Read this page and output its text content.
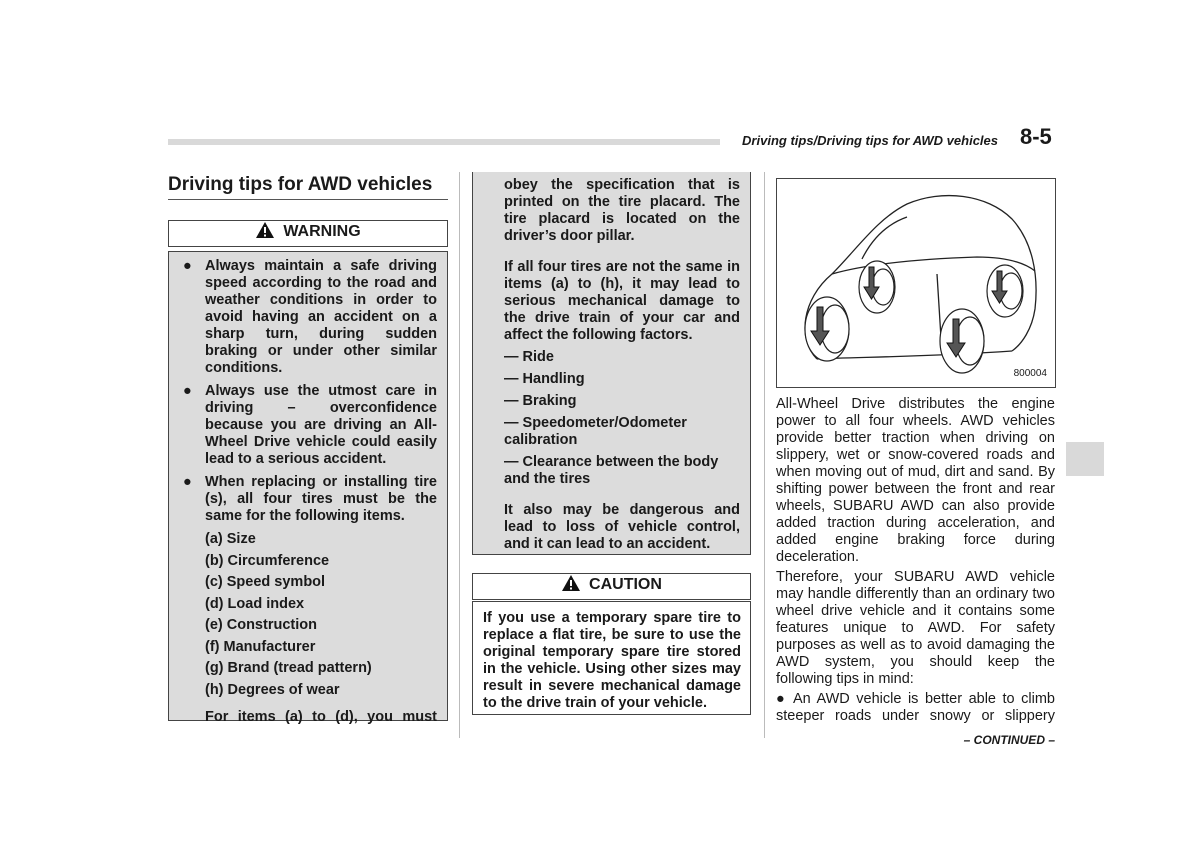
Driving tips/Driving tips for AWD vehicles 8-5
Driving tips for AWD vehicles
WARNING
● Always maintain a safe driving speed according to the road and weather conditions in order to avoid having an accident on a sharp turn, during sudden braking or under other similar conditions.
● Always use the utmost care in driving – overconfidence because you are driving an All-Wheel Drive vehicle could easily lead to a serious accident.
● When replacing or installing tire (s), all four tires must be the same for the following items.

(a) Size

(b) Circumference

(c) Speed symbol

(d) Load index

(e) Construction

(f) Manufacturer

(g) Brand (tread pattern)

(h) Degrees of wear

For items (a) to (d), you must

obey the specification that is printed on the tire placard. The tire placard is located on the driver’s door pillar.

If all four tires are not the same in items (a) to (h), it may lead to serious mechanical damage to the drive train of your car and affect the following factors.

— Ride

— Handling

— Braking

— Speedometer/Odometer calibration

— Clearance between the body and the tires

It also may be dangerous and lead to loss of vehicle control, and it can lead to an accident.

CAUTION

If you use a temporary spare tire to replace a flat tire, be sure to use the original temporary spare tire stored in the vehicle. Using other sizes may result in severe mechanical damage to the drive train of your vehicle.

800004

All-Wheel Drive distributes the engine power to all four wheels. AWD vehicles provide better traction when driving on slippery, wet or snow-covered roads and when moving out of mud, dirt and sand. By shifting power between the front and rear wheels, SUBARU AWD can also provide added traction during acceleration, and added engine braking force during deceleration.

Therefore, your SUBARU AWD vehicle may handle differently than an ordinary two wheel drive vehicle and it contains some features unique to AWD. For safety purposes as well as to avoid damaging the AWD system, you should keep the following tips in mind:

● An AWD vehicle is better able to climb steeper roads under snowy or slippery

– CONTINUED –
